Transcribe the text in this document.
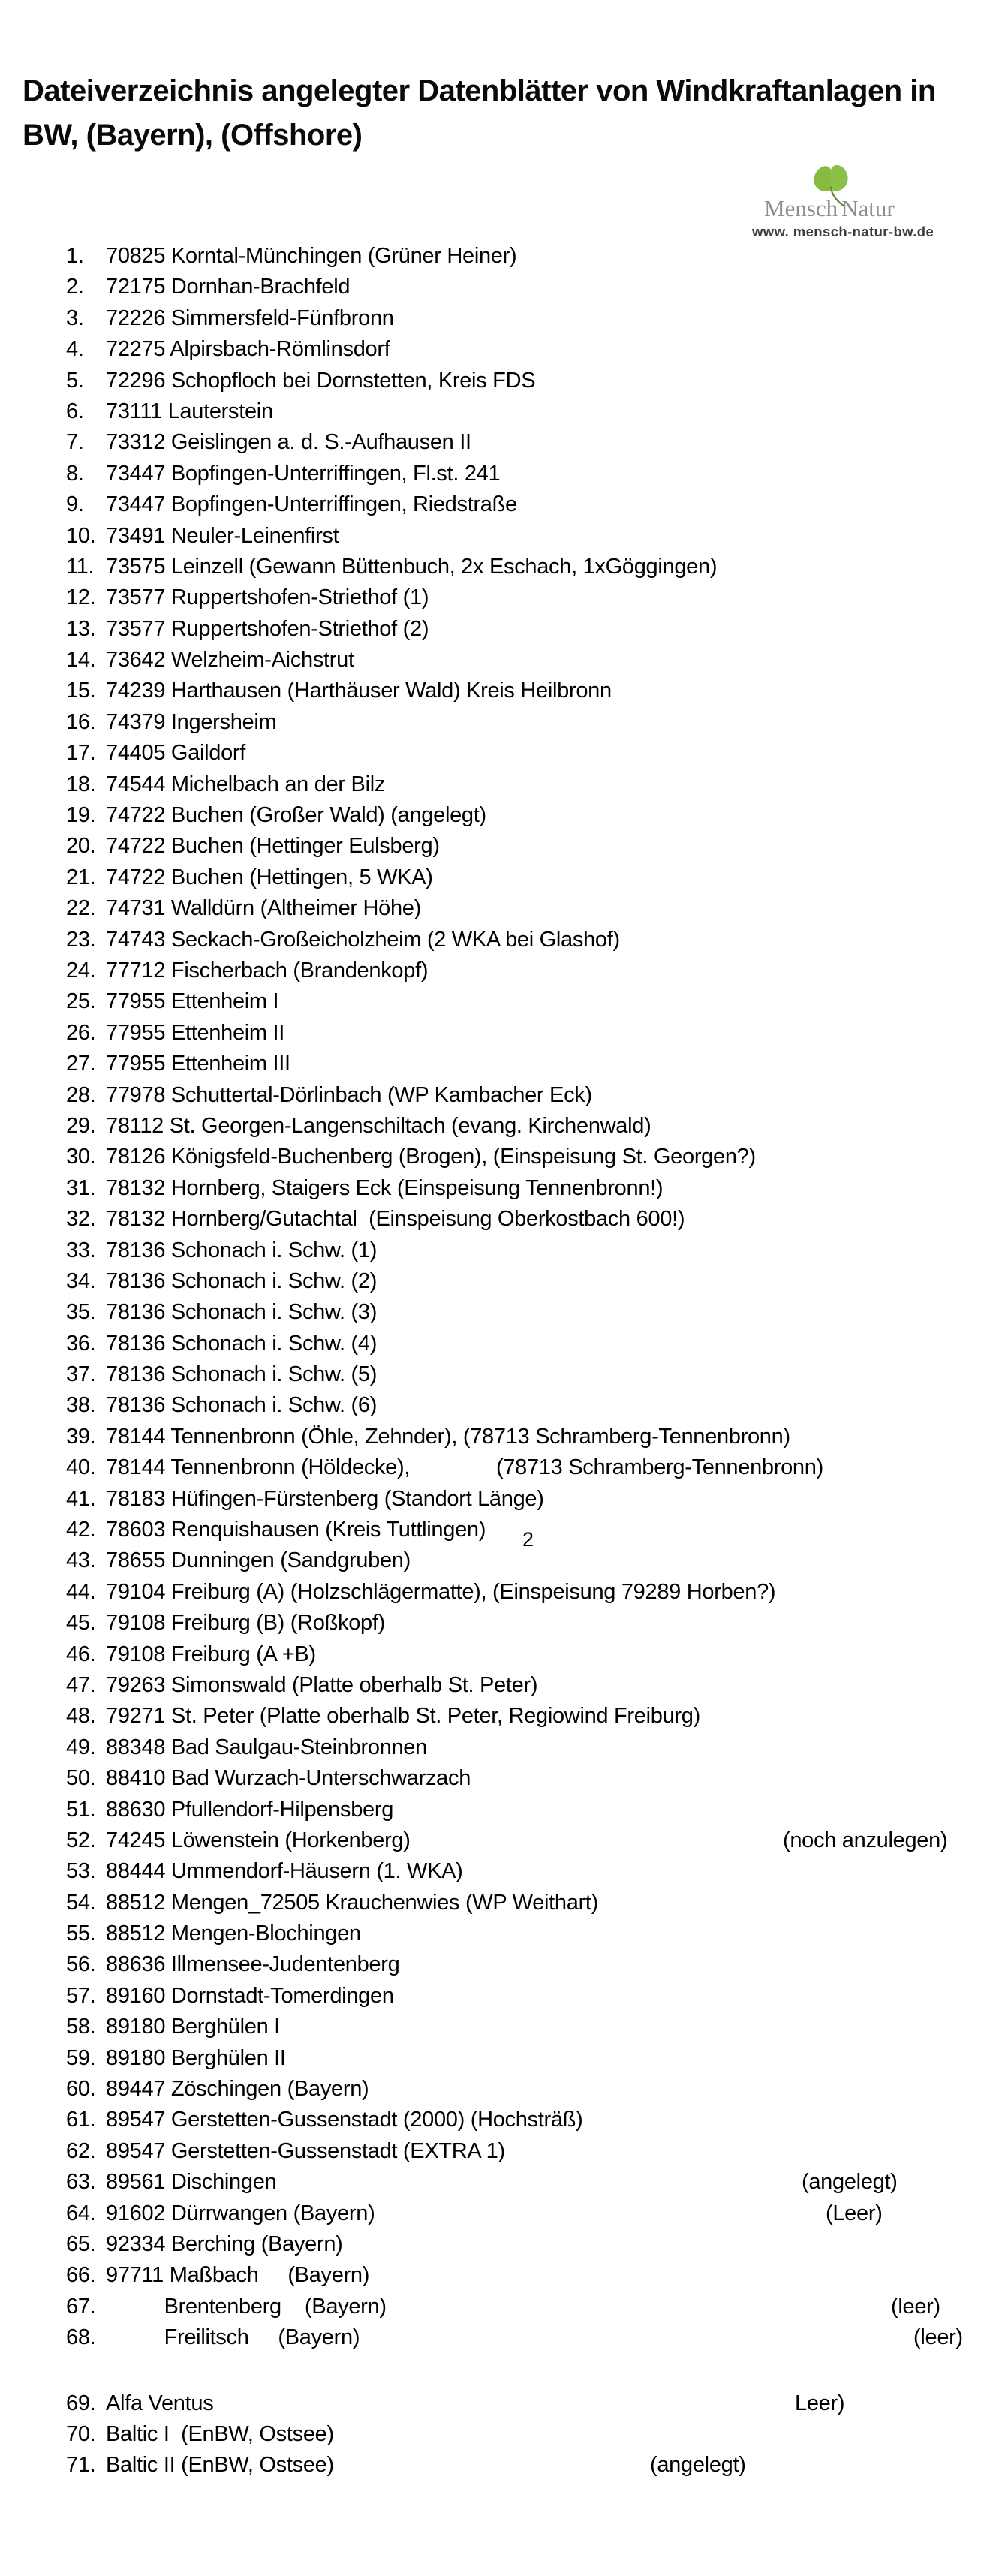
Dateiverzeichnis angelegter Datenblätter von Windkraftanlagen in
BW, (Bayern), (Offshore)
Mensch Natur
www. mensch-natur-bw.de
1.	70825 Korntal-Münchingen (Grüner Heiner)
2.	72175 Dornhan-Brachfeld
3.	72226 Simmersfeld-Fünfbronn
4.	72275 Alpirsbach-Römlinsdorf
5.	72296 Schopfloch bei Dornstetten, Kreis FDS
6.	73111 Lauterstein
7.	73312 Geislingen a. d. S.-Aufhausen II
8.	73447 Bopfingen-Unterriffingen, Fl.st. 241
9.	73447 Bopfingen-Unterriffingen, Riedstraße
10. 73491 Neuler-Leinenfirst
11. 73575 Leinzell (Gewann Büttenbuch, 2x Eschach, 1xGöggingen)
12. 73577 Ruppertshofen-Striethof (1)
13. 73577 Ruppertshofen-Striethof (2)
14. 73642 Welzheim-Aichstrut
15. 74239 Harthausen (Harthäuser Wald) Kreis Heilbronn
16. 74379 Ingersheim
17. 74405 Gaildorf
18. 74544 Michelbach an der Bilz
19. 74722 Buchen (Großer Wald) (angelegt)
20. 74722 Buchen (Hettinger Eulsberg)
21. 74722 Buchen (Hettingen, 5 WKA)
22. 74731 Walldürn (Altheimer Höhe)
23. 74743 Seckach-Großeicholzheim (2 WKA bei Glashof)
24. 77712 Fischerbach (Brandenkopf)
25. 77955 Ettenheim I
26. 77955 Ettenheim II
27. 77955 Ettenheim III
28. 77978 Schuttertal-Dörlinbach (WP Kambacher Eck)
29. 78112 St. Georgen-Langenschiltach (evang. Kirchenwald)
30. 78126 Königsfeld-Buchenberg (Brogen), (Einspeisung St. Georgen?)
31. 78132 Hornberg, Staigers Eck (Einspeisung Tennenbronn!)
32. 78132 Hornberg/Gutachtal  (Einspeisung Oberkostbach 600!)
33. 78136 Schonach i. Schw. (1)
34. 78136 Schonach i. Schw. (2)
35. 78136 Schonach i. Schw. (3)
36. 78136 Schonach i. Schw. (4)
37. 78136 Schonach i. Schw. (5)
38. 78136 Schonach i. Schw. (6)
39. 78144 Tennenbronn (Öhle, Zehnder), (78713 Schramberg-Tennenbronn)
40. 78144 Tennenbronn (Höldecke),	(78713 Schramberg-Tennenbronn)
41. 78183 Hüfingen-Fürstenberg (Standort Länge)
42. 78603 Renquishausen (Kreis Tuttlingen)
43. 78655 Dunningen (Sandgruben)
44. 79104 Freiburg (A) (Holzschlägermatte), (Einspeisung 79289 Horben?)
45. 79108 Freiburg (B) (Roßkopf)
46. 79108 Freiburg (A +B)
47. 79263 Simonswald (Platte oberhalb St. Peter)
48. 79271 St. Peter (Platte oberhalb St. Peter, Regiowind Freiburg)
49. 88348 Bad Saulgau-Steinbronnen
50. 88410 Bad Wurzach-Unterschwarzach
51. 88630 Pfullendorf-Hilpensberg
52. 74245 Löwenstein (Horkenberg)	(noch anzulegen)
53. 88444 Ummendorf-Häusern (1. WKA)
54. 88512 Mengen_72505 Krauchenwies (WP Weithart)
55. 88512 Mengen-Blochingen
56. 88636 Illmensee-Judentenberg
57. 89160 Dornstadt-Tomerdingen
58. 89180 Berghülen I
59. 89180 Berghülen II
60. 89447 Zöschingen (Bayern)
61. 89547 Gerstetten-Gussenstadt (2000) (Hochsträß)
62. 89547 Gerstetten-Gussenstadt (EXTRA 1)
63. 89561 Dischingen	(angelegt)
64. 91602 Dürrwangen (Bayern)	(Leer)
65. 92334 Berching (Bayern)
66. 97711 Maßbach     (Bayern)
67. Brentenberg    (Bayern)	(leer)
68. Freilitsch     (Bayern)	(leer)
69. Alfa Ventus	Leer)
70. Baltic I  (EnBW, Ostsee)
71. Baltic II (EnBW, Ostsee)	(angelegt)
2
